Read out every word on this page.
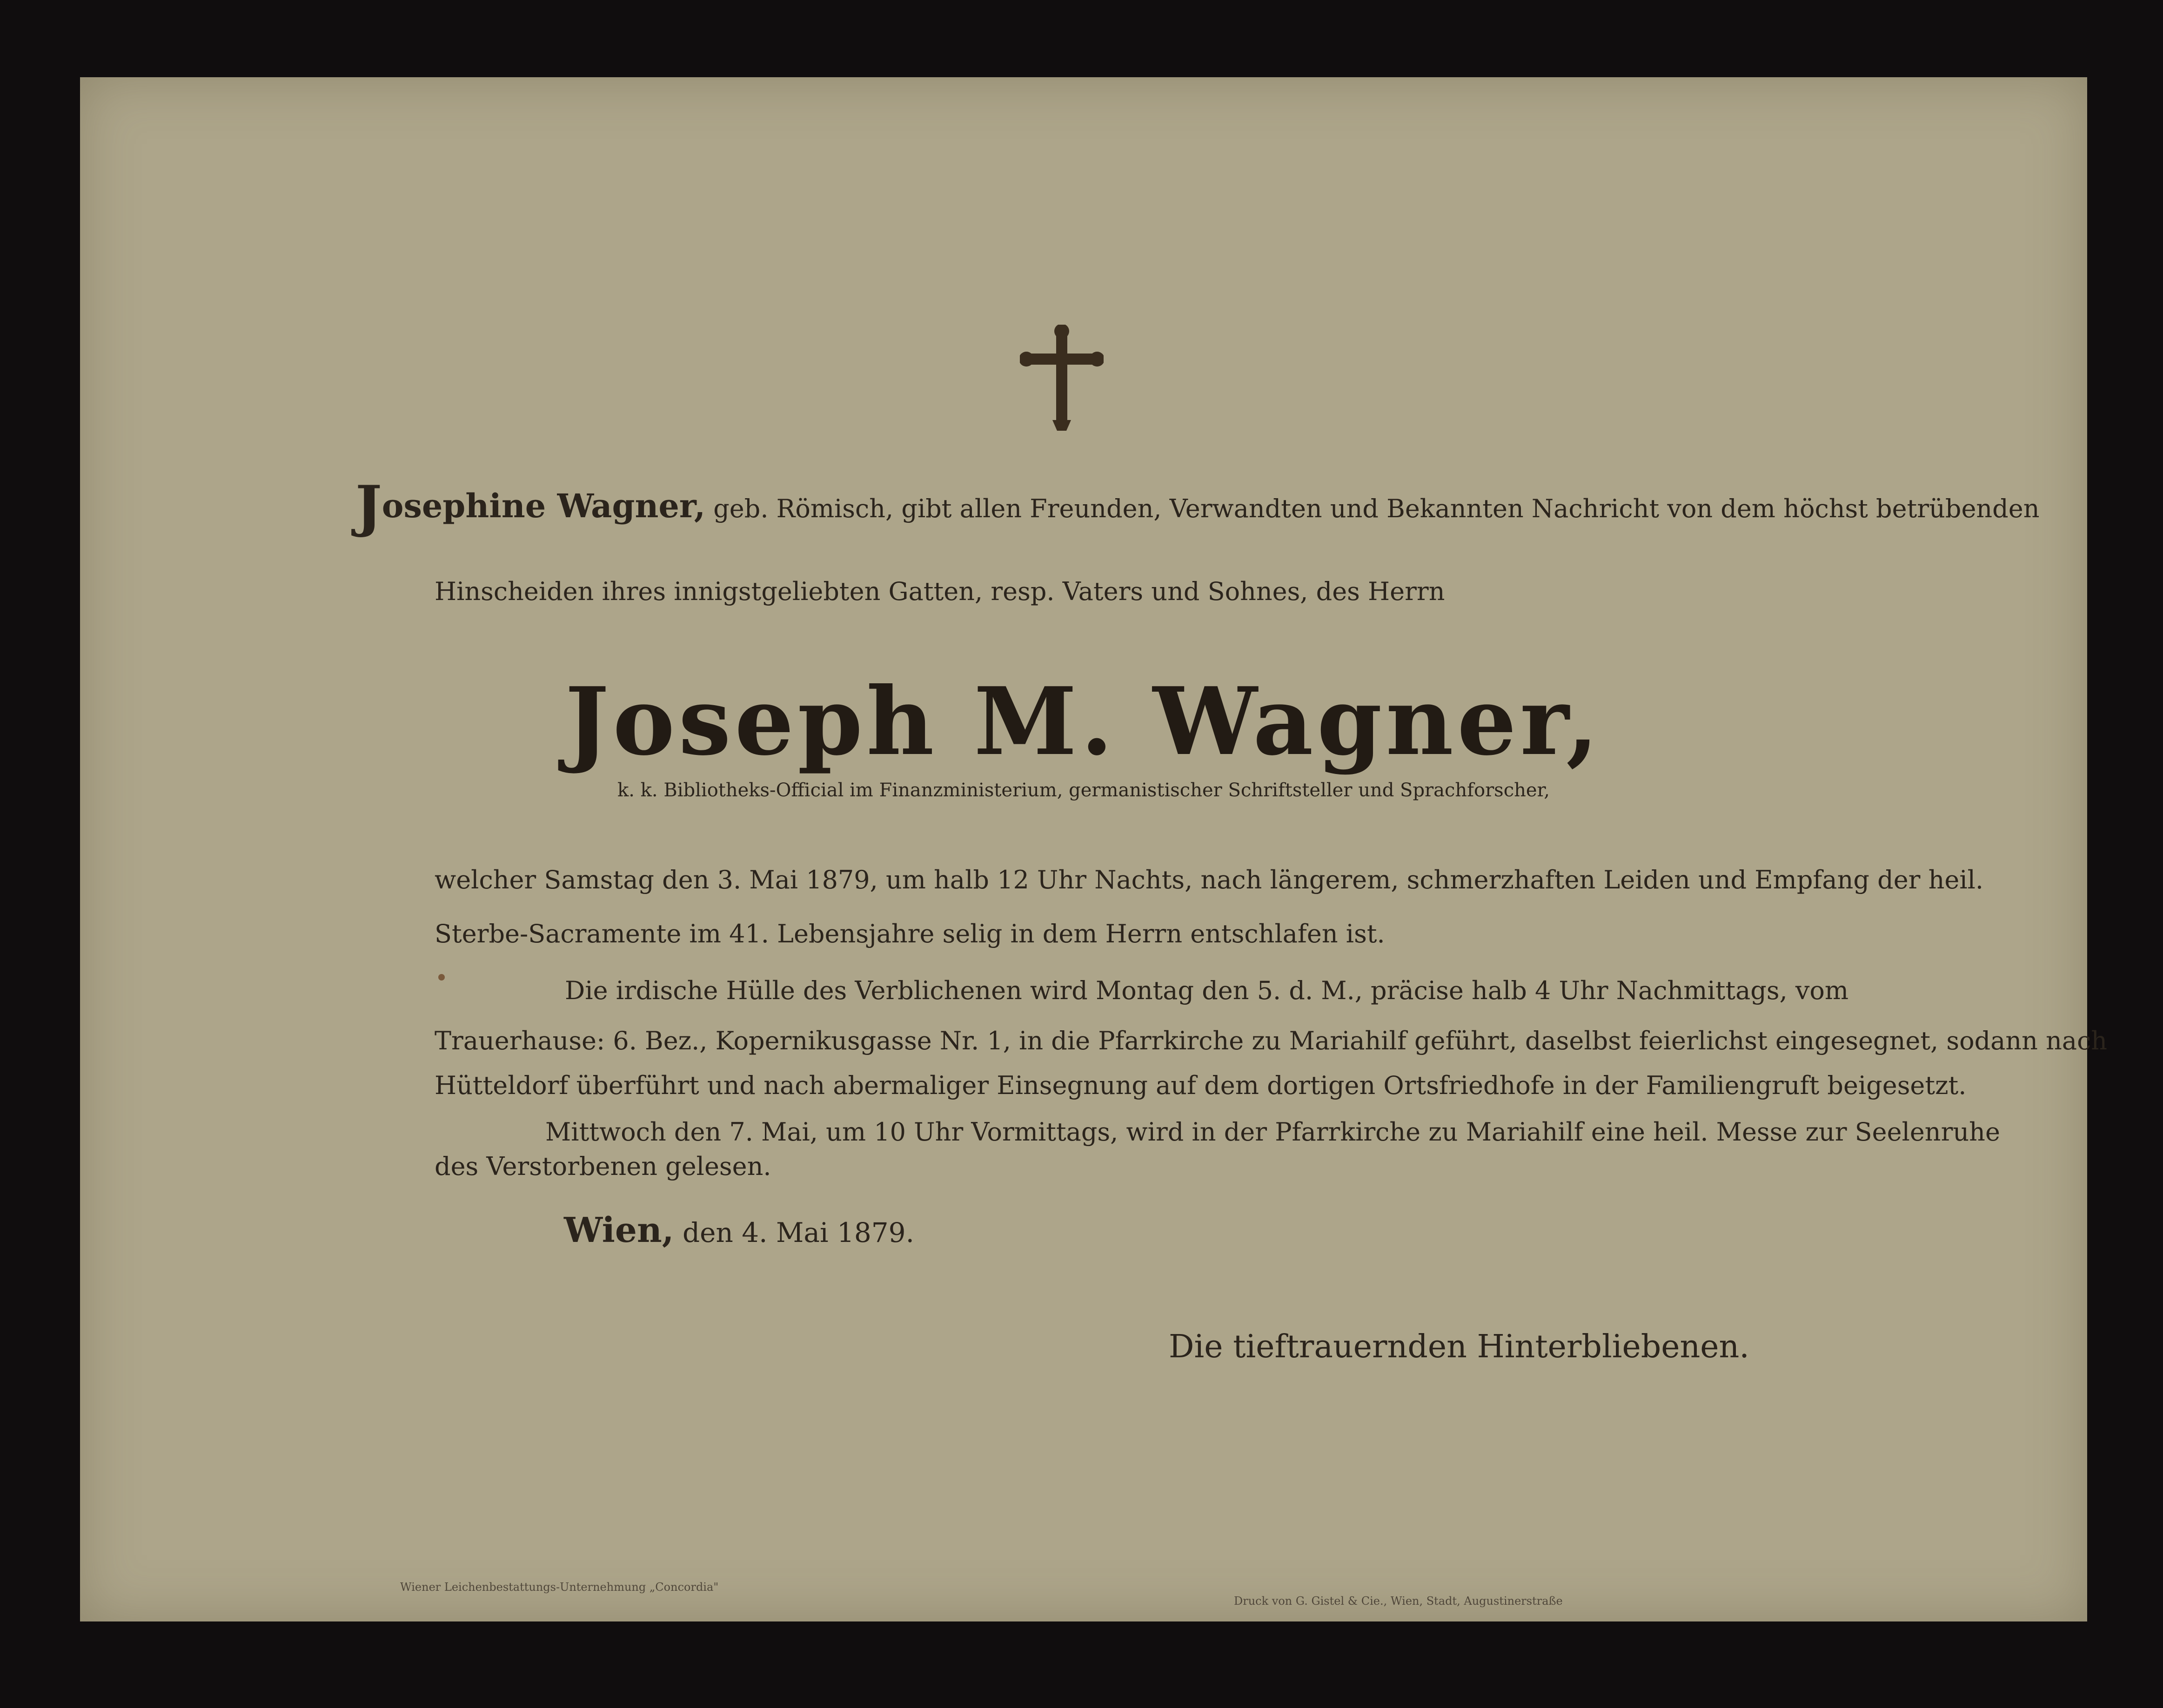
Josephine Wagner, geb. Römisch, gibt allen Freunden, Verwandten und Bekannten Nachricht von dem höchst betrübenden
Hinscheiden ihres innigstgeliebten Gatten, resp. Vaters und Sohnes, des Herrn
Joseph M. Wagner,
k. k. Bibliotheks-Official im Finanzministerium, germanistischer Schriftsteller und Sprachforscher,
welcher Samstag den 3. Mai 1879, um halb 12 Uhr Nachts, nach längerem, schmerzhaften Leiden und Empfang der heil.
Sterbe-Sacramente im 41. Lebensjahre selig in dem Herrn entschlafen ist.
Die irdische Hülle des Verblichenen wird Montag den 5. d. M., präcise halb 4 Uhr Nachmittags, vom
Trauerhause: 6. Bez., Kopernikusgasse Nr. 1, in die Pfarrkirche zu Mariahilf geführt, daselbst feierlichst eingesegnet, sodann nach
Hütteldorf überführt und nach abermaliger Einsegnung auf dem dortigen Ortsfriedhofe in der Familiengruft beigesetzt.
Mittwoch den 7. Mai, um 10 Uhr Vormittags, wird in der Pfarrkirche zu Mariahilf eine heil. Messe zur Seelenruhe
des Verstorbenen gelesen.
Wien, den 4. Mai 1879.
Die tieftrauernden Hinterbliebenen.
Wiener Leichenbestattungs-Unternehmung „Concordia"
Druck von G. Gistel & Cie., Wien, Stadt, Augustinerstraße
